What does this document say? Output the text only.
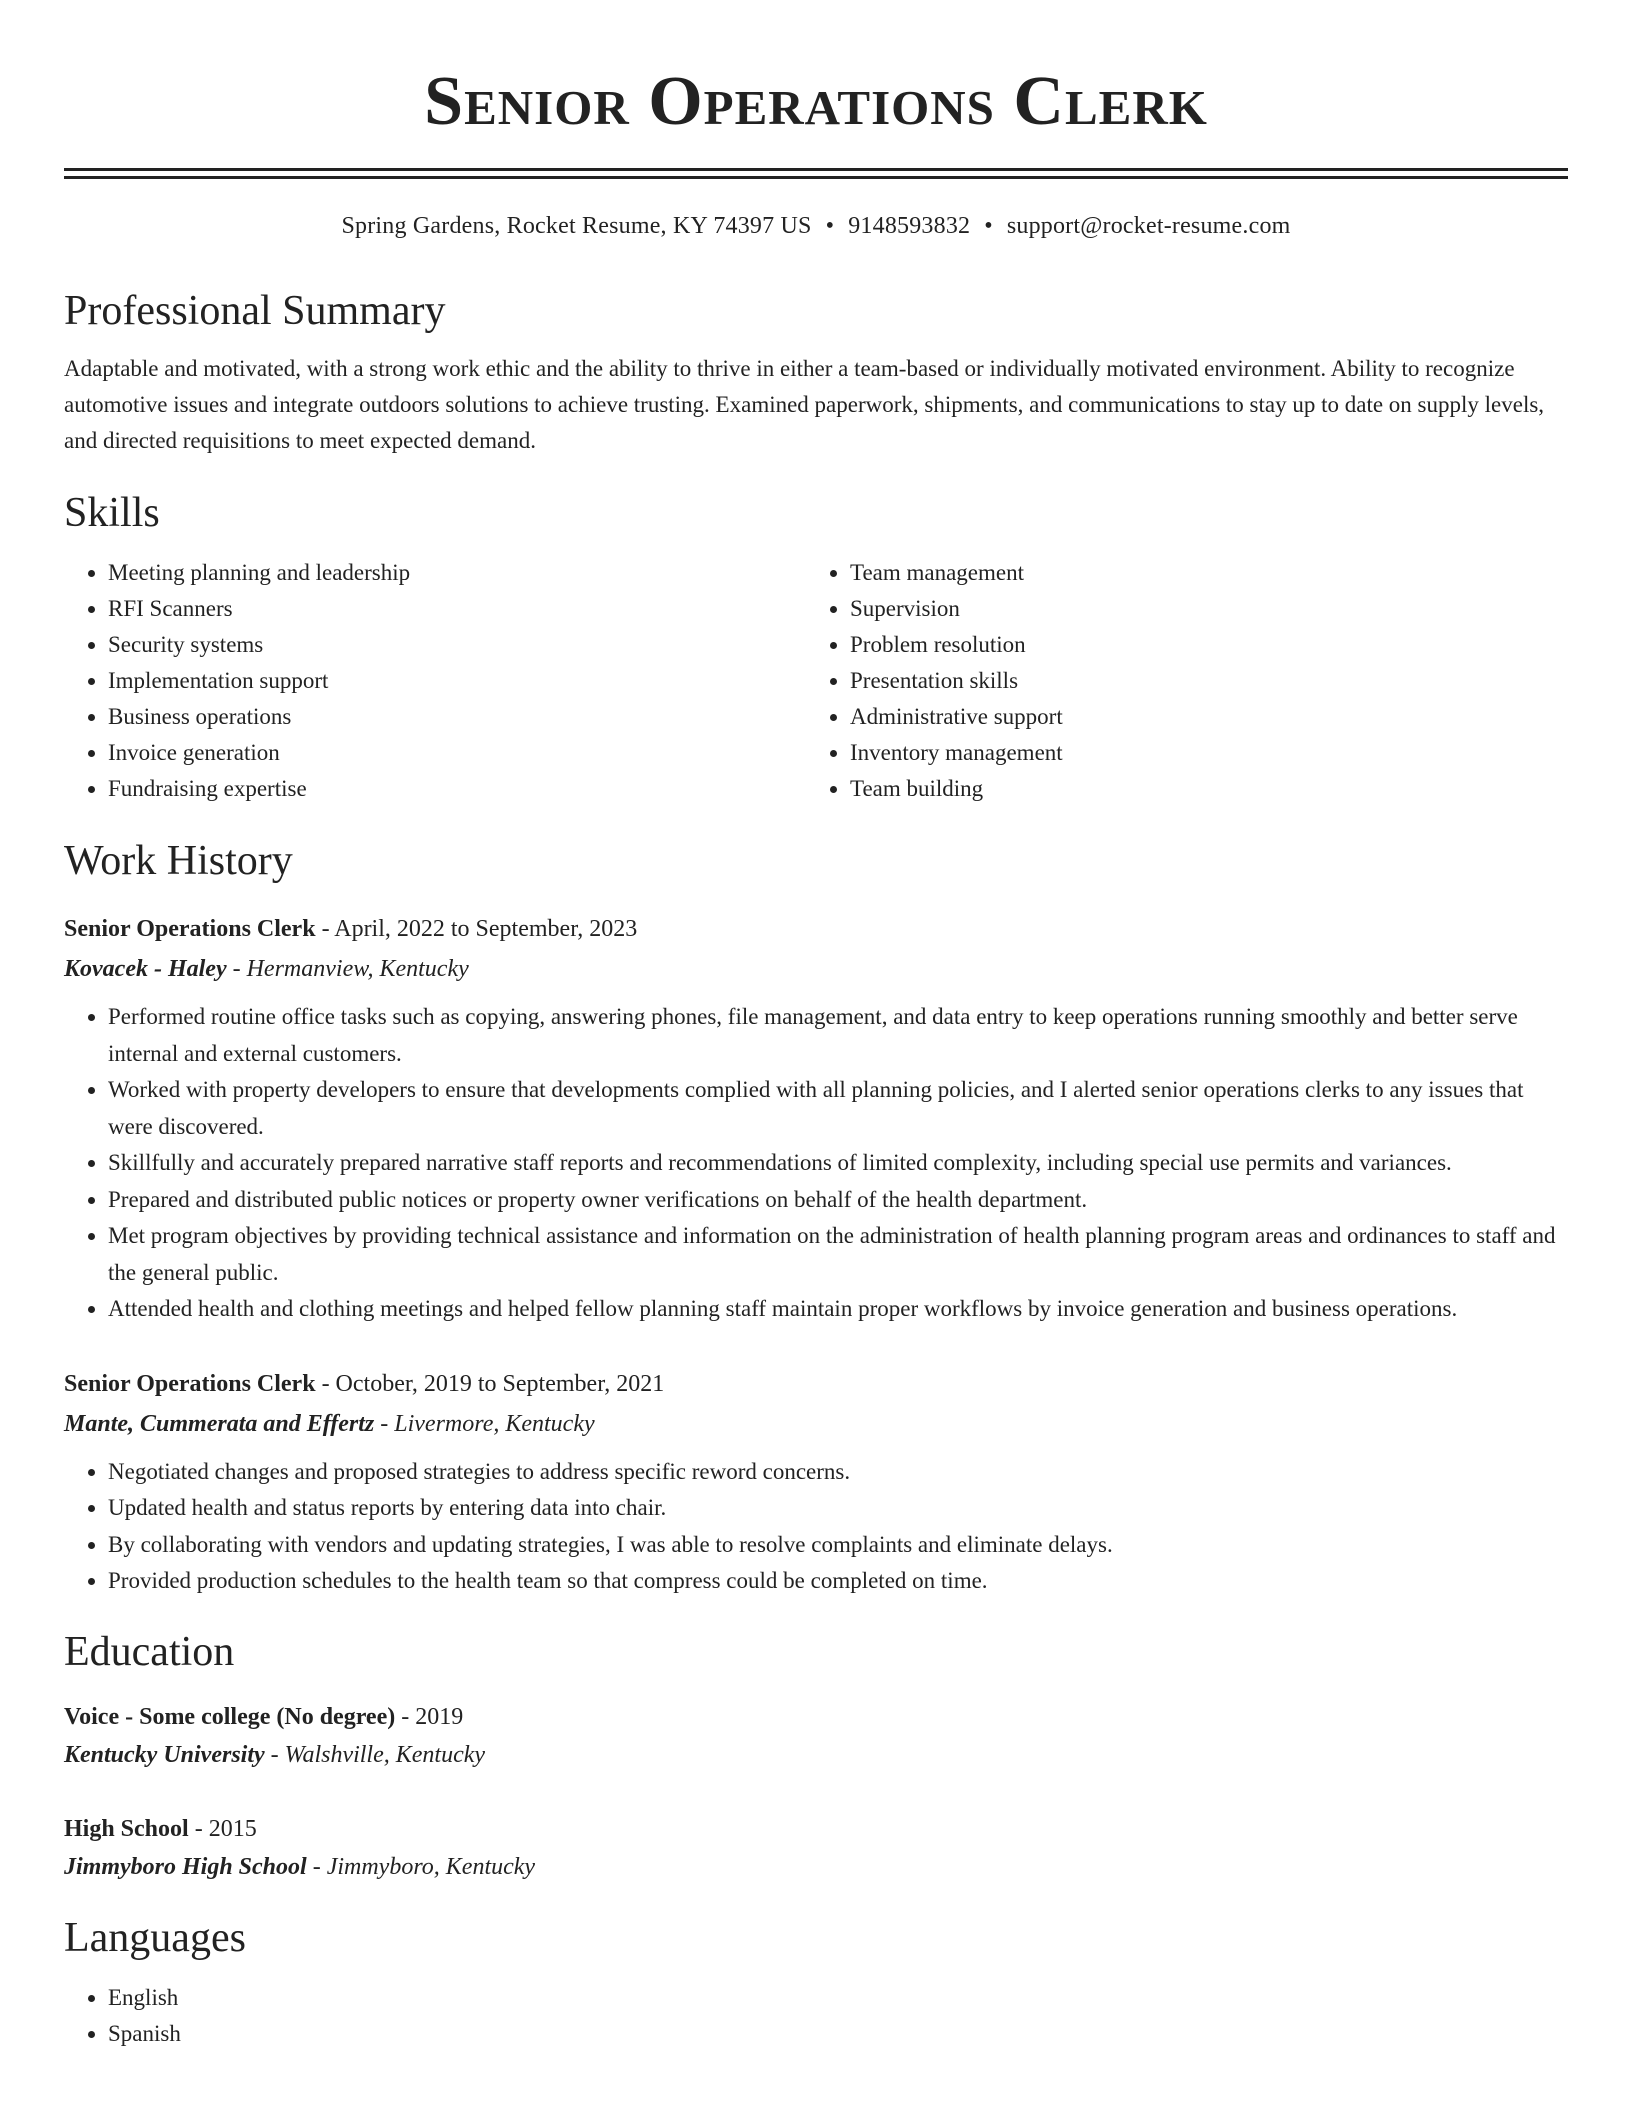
Senior Operations Clerk
Spring Gardens, Rocket Resume, KY 74397 US • 9148593832 • support@rocket-resume.com
Professional Summary

Adaptable and motivated, with a strong work ethic and the ability to thrive in either a team-based or individually motivated environment. Ability to recognize automotive issues and integrate outdoors solutions to achieve trusting. Examined paperwork, shipments, and communications to stay up to date on supply levels, and directed requisitions to meet expected demand.

Skills
• Meeting planning and leadership
• RFI Scanners
• Security systems
• Implementation support
• Business operations
• Invoice generation
• Fundraising expertise
• Team management
• Supervision
• Problem resolution
• Presentation skills
• Administrative support
• Inventory management
• Team building
Work History
Senior Operations Clerk - April, 2022 to September, 2023
Kovacek - Haley - Hermanview, Kentucky
• Performed routine office tasks such as copying, answering phones, file management, and data entry to keep operations running smoothly and better serve internal and external customers.
• Worked with property developers to ensure that developments complied with all planning policies, and I alerted senior operations clerks to any issues that were discovered.
• Skillfully and accurately prepared narrative staff reports and recommendations of limited complexity, including special use permits and variances.
• Prepared and distributed public notices or property owner verifications on behalf of the health department.
• Met program objectives by providing technical assistance and information on the administration of health planning program areas and ordinances to staff and the general public.
• Attended health and clothing meetings and helped fellow planning staff maintain proper workflows by invoice generation and business operations.
Senior Operations Clerk - October, 2019 to September, 2021
Mante, Cummerata and Effertz - Livermore, Kentucky
• Negotiated changes and proposed strategies to address specific reword concerns.
• Updated health and status reports by entering data into chair.
• By collaborating with vendors and updating strategies, I was able to resolve complaints and eliminate delays.
• Provided production schedules to the health team so that compress could be completed on time.
Education
Voice - Some college (No degree) - 2019
Kentucky University - Walshville, Kentucky
High School - 2015
Jimmyboro High School - Jimmyboro, Kentucky
Languages
• English
• Spanish
